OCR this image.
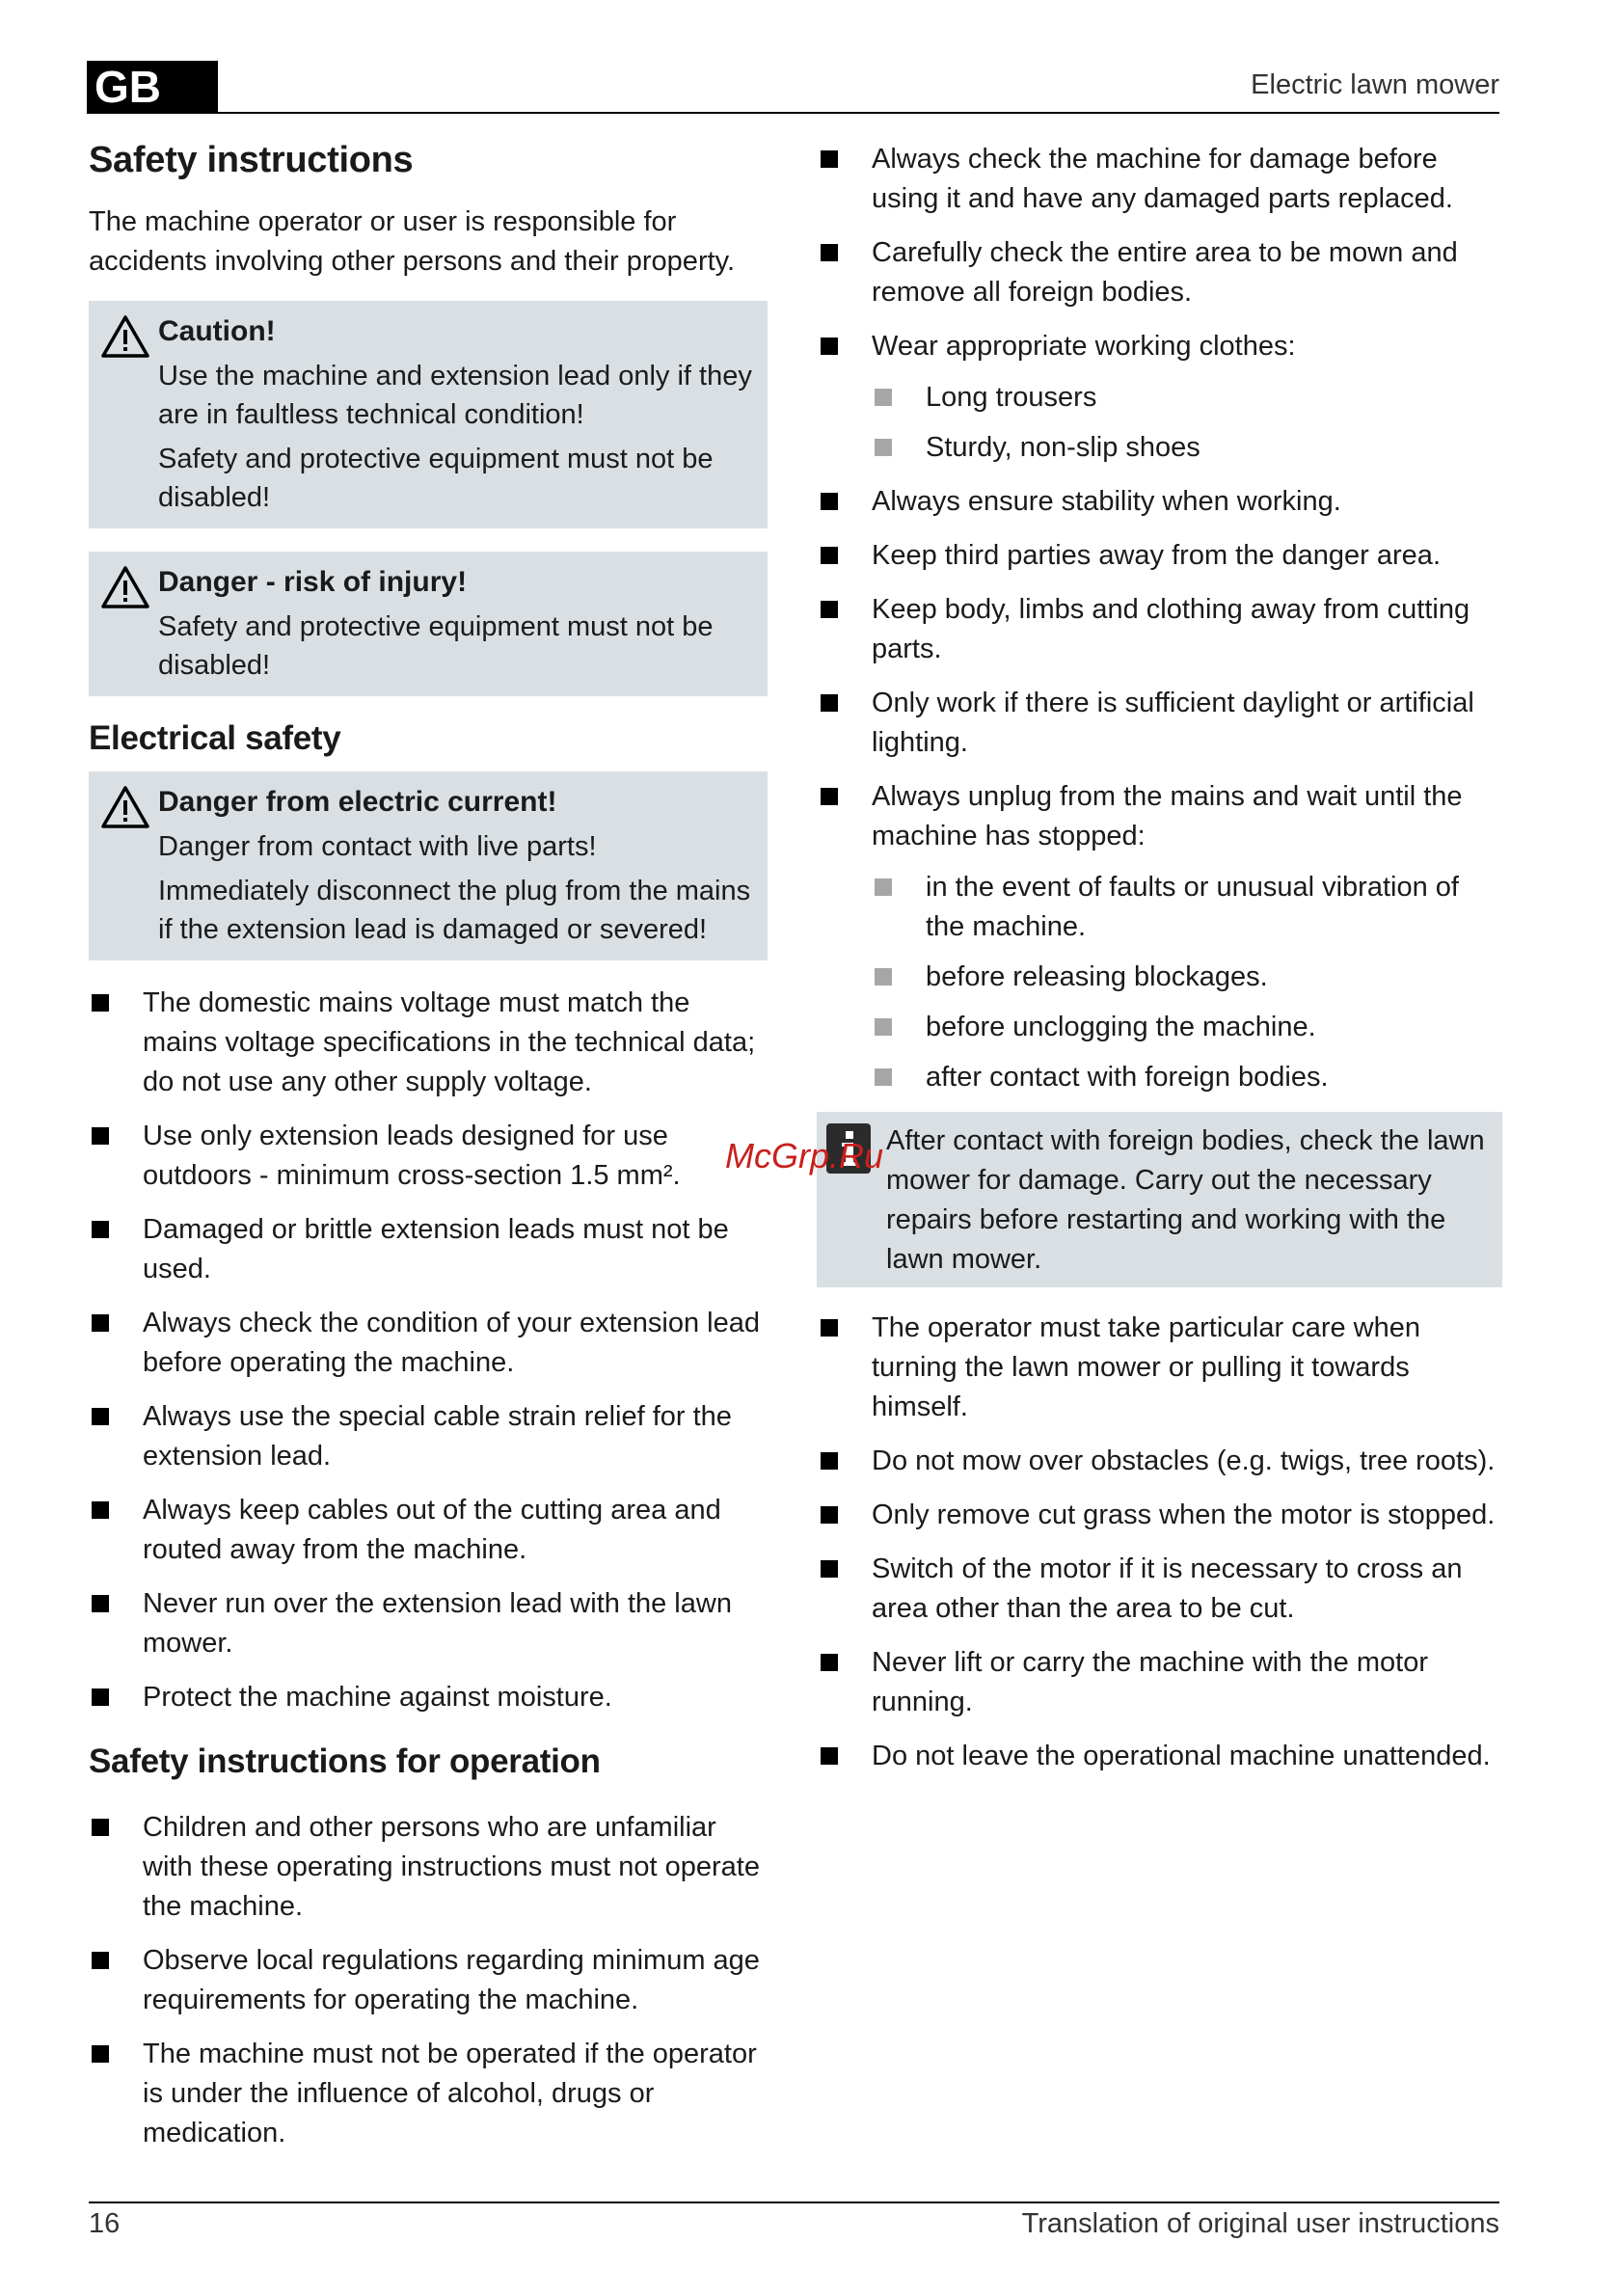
GB	Electric lawn mower
Safety instructions

The machine operator or user is responsible for accidents involving other persons and their property.

Caution!
Use the machine and extension lead only if they are in faultless technical condition!
Safety and protective equipment must not be disabled!
Danger - risk of injury!
Safety and protective equipment must not be disabled!
Electrical safety
Danger from electric current!
Danger from contact with live parts!
Immediately disconnect the plug from the mains if the extension lead is damaged or severed!
The domestic mains voltage must match the mains voltage specifications in the technical data; do not use any other supply voltage.
Use only extension leads designed for use outdoors - minimum cross-section 1.5 mm².
Damaged or brittle extension leads must not be used.
Always check the condition of your extension lead before operating the machine.
Always use the special cable strain relief for the extension lead.
Always keep cables out of the cutting area and routed away from the machine.
Never run over the extension lead with the lawn mower.
Protect the machine against moisture.
Safety instructions for operation
Children and other persons who are unfamiliar with these operating instructions must not operate the machine.
Observe local regulations regarding minimum age requirements for operating the machine.
The machine must not be operated if the operator is under the influence of alcohol, drugs or medication.
Always check the machine for damage before using it and have any damaged parts replaced.
Carefully check the entire area to be mown and remove all foreign bodies.
Wear appropriate working clothes:
Long trousers
Sturdy, non-slip shoes
Always ensure stability when working.
Keep third parties away from the danger area.
Keep body, limbs and clothing away from cutting parts.
Only work if there is sufficient daylight or artificial lighting.
Always unplug from the mains and wait until the machine has stopped:
in the event of faults or unusual vibration of the machine.
before releasing blockages.
before unclogging the machine.
after contact with foreign bodies.
After contact with foreign bodies, check the lawn mower for damage. Carry out the necessary repairs before restarting and working with the lawn mower.
The operator must take particular care when turning the lawn mower or pulling it towards himself.
Do not mow over obstacles (e.g. twigs, tree roots).
Only remove cut grass when the motor is stopped.
Switch of the motor if it is necessary to cross an area other than the area to be cut.
Never lift or carry the machine with the motor running.
Do not leave the operational machine unattended.
McGrp.Ru
16	Translation of original user instructions
